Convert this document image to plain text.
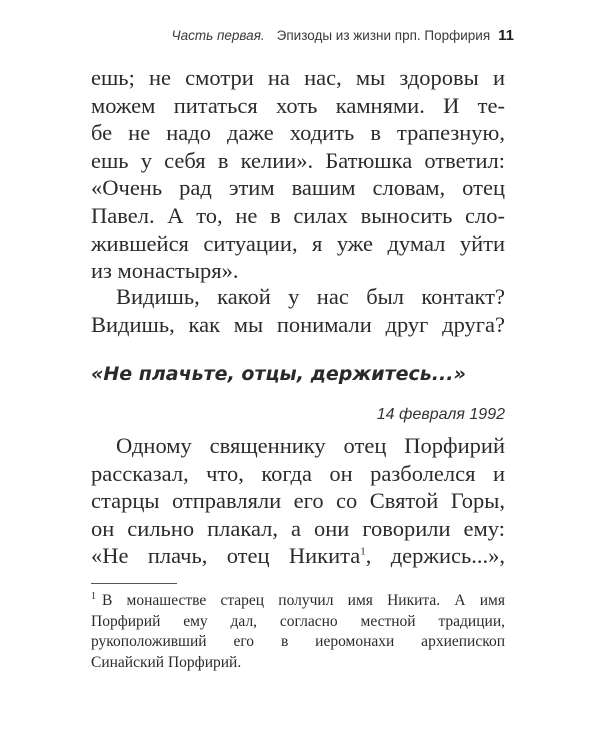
Часть первая. Эпизоды из жизни прп. Порфирия 11
ешь; не смотри на нас, мы здоровы и
можем питаться хоть камнями. И те-
бе не надо даже ходить в трапезную,
ешь у себя в келии». Батюшка ответил:
«Очень рад этим вашим словам, отец
Павел. А то, не в силах выносить сло-
жившейся ситуации, я уже думал уйти
из монастыря».
Видишь, какой у нас был контакт?
Видишь, как мы понимали друг друга?
«Не плачьте, отцы, держитесь...»
14 февраля 1992
Одному священнику отец Порфирий
рассказал, что, когда он разболелся и
старцы отправляли его со Святой Горы,
он сильно плакал, а они говорили ему:
«Не плачь, отец Никита$^1$, держись...»,
$^1$ В монашестве старец получил имя Никита. А имя
Порфирий ему дал, согласно местной традиции,
рукоположивший его в иеромонахи архиепископ
Синайский Порфирий.
